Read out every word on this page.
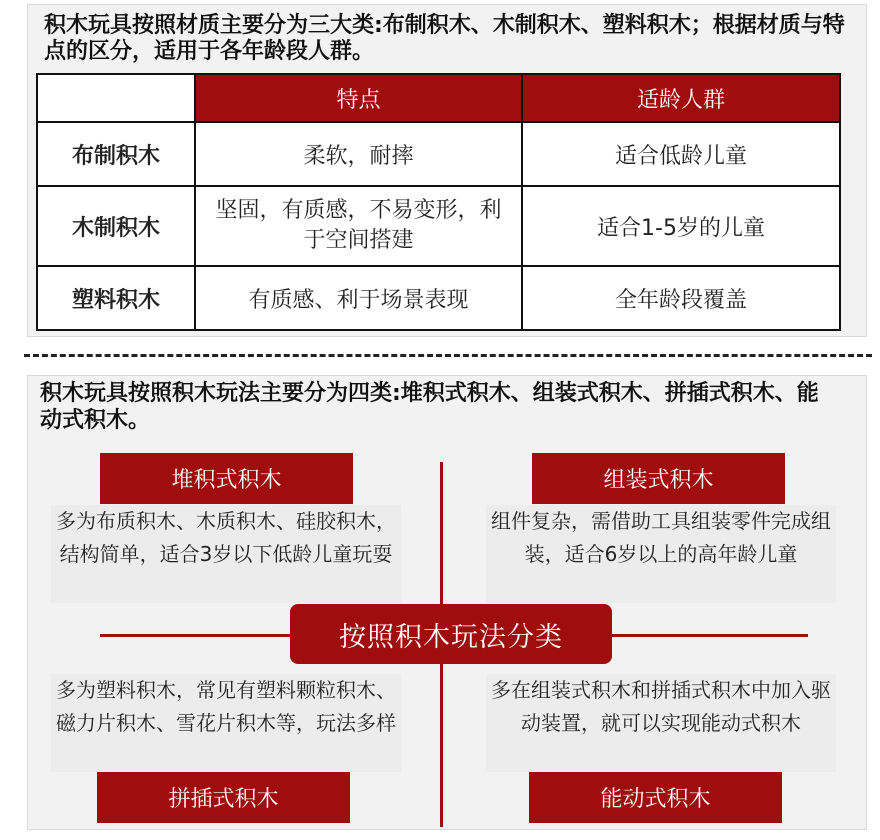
积木玩具按照材质主要分为三大类:布制积木、木制积木、塑料积木；根据材质与特点的区分，适用于各年龄段人群。
	特点	适龄人群
布制积木	柔软，耐摔	适合低龄儿童
木制积木	坚固，有质感，不易变形，利于空间搭建	适合1-5岁的儿童
塑料积木	有质感、利于场景表现	全年龄段覆盖
积木玩具按照积木玩法主要分为四类:堆积式积木、组装式积木、拼插式积木、能动式积木。
堆积式积木
多为布质积木、木质积木、硅胶积木，结构简单，适合3岁以下低龄儿童玩耍
组装式积木
组件复杂，需借助工具组装零件完成组装，适合6岁以上的高年龄儿童
多为塑料积木，常见有塑料颗粒积木、磁力片积木、雪花片积木等，玩法多样
拼插式积木
多在组装式积木和拼插式积木中加入驱动装置，就可以实现能动式积木
能动式积木
按照积木玩法分类
